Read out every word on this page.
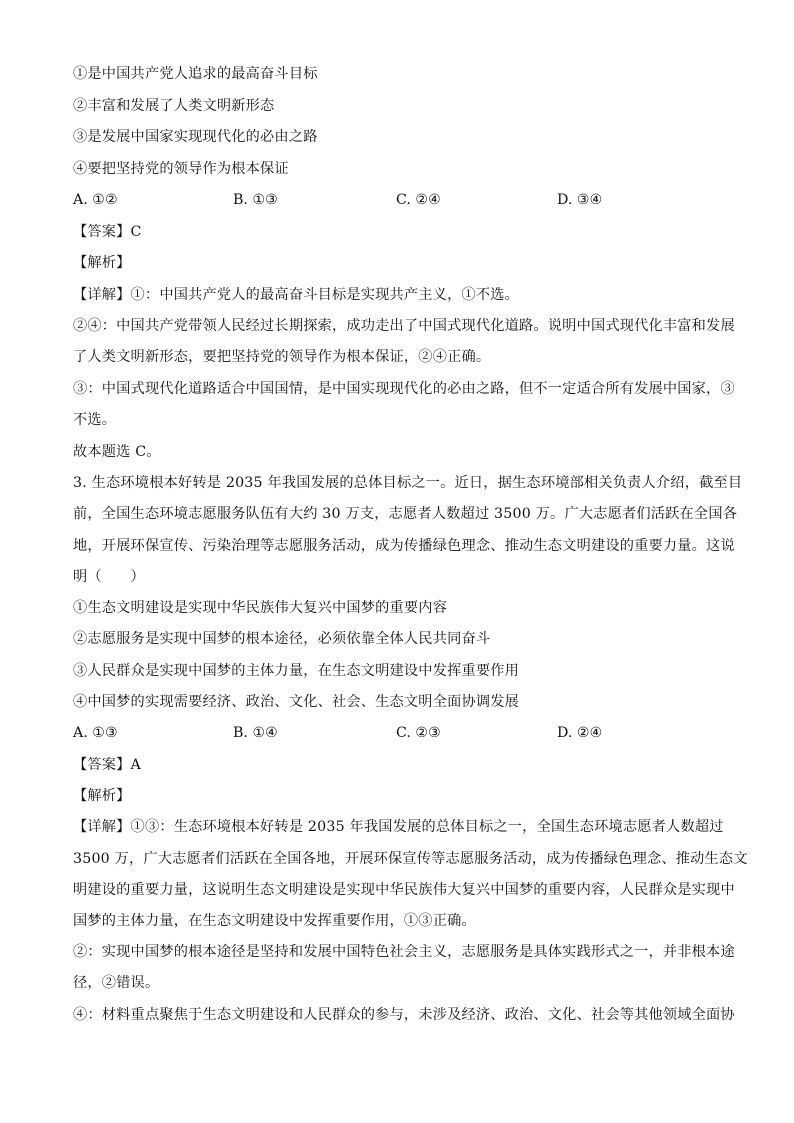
①是中国共产党人追求的最高奋斗目标
②丰富和发展了人类文明新形态
③是发展中国家实现现代化的必由之路
④要把坚持党的领导作为根本保证
A. ①②	B. ①③	C. ②④	D. ③④
【答案】C
【解析】
【详解】①：中国共产党人的最高奋斗目标是实现共产主义，①不选。
②④：中国共产党带领人民经过长期探索，成功走出了中国式现代化道路。说明中国式现代化丰富和发展
了人类文明新形态，要把坚持党的领导作为根本保证，②④正确。
③：中国式现代化道路适合中国国情，是中国实现现代化的必由之路，但不一定适合所有发展中国家，③
不选。
故本题选 C。
3. 生态环境根本好转是 2035 年我国发展的总体目标之一。近日，据生态环境部相关负责人介绍，截至目
前，全国生态环境志愿服务队伍有大约 30 万支，志愿者人数超过 3500 万。广大志愿者们活跃在全国各
地，开展环保宣传、污染治理等志愿服务活动，成为传播绿色理念、推动生态文明建设的重要力量。这说
明（　　）
①生态文明建设是实现中华民族伟大复兴中国梦的重要内容
②志愿服务是实现中国梦的根本途径，必须依靠全体人民共同奋斗
③人民群众是实现中国梦的主体力量，在生态文明建设中发挥重要作用
④中国梦的实现需要经济、政治、文化、社会、生态文明全面协调发展
A. ①③	B. ①④	C. ②③	D. ②④
【答案】A
【解析】
【详解】①③：生态环境根本好转是 2035 年我国发展的总体目标之一，全国生态环境志愿者人数超过
3500 万，广大志愿者们活跃在全国各地，开展环保宣传等志愿服务活动，成为传播绿色理念、推动生态文
明建设的重要力量，这说明生态文明建设是实现中华民族伟大复兴中国梦的重要内容，人民群众是实现中
国梦的主体力量，在生态文明建设中发挥重要作用，①③正确。
②：实现中国梦的根本途径是坚持和发展中国特色社会主义，志愿服务是具体实践形式之一，并非根本途
径，②错误。
④：材料重点聚焦于生态文明建设和人民群众的参与，未涉及经济、政治、文化、社会等其他领域全面协
